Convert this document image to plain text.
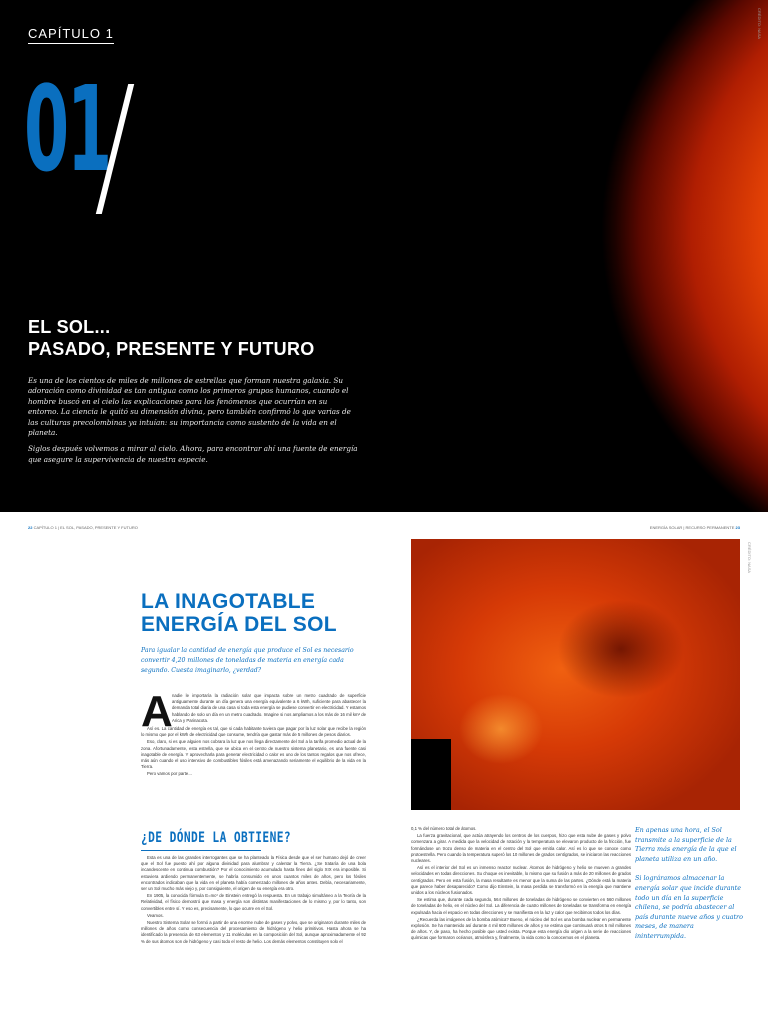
CAPÍTULO 1
01
EL SOL...
PASADO, PRESENTE Y FUTURO

Es una de los cientos de miles de millones de estrellas que forman nuestra galaxia. Su adoración como divinidad es tan antigua como los primeros grupos humanos, cuando el hombre buscó en el cielo las explicaciones para los fenómenos que ocurrían en su entorno. La ciencia le quitó su dimensión divina, pero también confirmó lo que varias de las culturas precolombinas ya intuían: su importancia como sustento de la vida en el planeta.

Siglos después volvemos a mirar al cielo. Ahora, para encontrar ahí una fuente de energía que asegure la supervivencia de nuestra especie.

CRÉDITO: NASA
22 CAPÍTULO 1 | EL SOL, PASADO, PRESENTE Y FUTURO	ENERGÍA SOLAR | RECURSO PERMANENTE 23
LA INAGOTABLE
ENERGÍA DEL SOL

Para igualar la cantidad de energía que produce el Sol es necesario convertir 4,20 millones de toneladas de materia en energía cada segundo. Cuesta imaginarlo, ¿verdad?

A nadie le importaría la radiación solar que impacta sobre un metro cuadrado de superficie antiguamente durante un día genera una energía equivalente a 6 kWh, suficiente para abastecer la demanda total diaria de una casa si toda esta energía se pudiese convertir en electricidad. Y estamos hablando de solo un día en un metro cuadrado. Imagine si nos ampliamos a los más de 16 mil km² de Arica y Parinacota.

Así es. La cantidad de energía es tal, que si cada habitante tuviera que pagar por la luz solar que recibe la región lo mismo que por el kWh de electricidad que consume, tendría que gastar más de 5 millones de pesos diarios.

Eso, claro, si es que alguien nos cobrara la luz que nos llega directamente del Sol a la tarifa promedio actual de la zona. Afortunadamente, esta estrella, que se ubica en el centro de nuestro sistema planetario, es una fuente casi inagotable de energía. Y aprovecharla para generar electricidad o calor es uno de los tantos regalos que nos ofrece, más aún cuando el uso intensivo de combustibles fósiles está amenazando seriamente el equilibrio de la vida en la Tierra.

Pero vamos por parte...

¿DE DÓNDE LA OBTIENE?

Esta es una de las grandes interrogantes que se ha planteado la Física desde que el ser humano dejó de creer que el Sol fue puesto ahí por alguna divinidad para alumbrar y calentar la Tierra. ¿Se trataría de una bola incandescente en continua combustión? Por el conocimiento acumulado hasta fines del siglo XIX era imposible. Si estuviera ardiendo permanentemente, se habría consumido en unos cuantos miles de años, pero los fósiles encontrados indicaban que la vida en el planeta había comenzado millones de años antes. Debía, necesariamente, ser un Sol mucho más viejo y, por consiguiente, el origen de su energía era otro.

En 1905, la conocida fórmula E=mc² de Einstein entregó la respuesta. En un trabajo simultáneo a la Teoría de la Relatividad, el físico demostró que masa y energía son distintas manifestaciones de lo mismo y, por lo tanto, son convertibles entre sí. Y eso es, precisamente, lo que ocurre en el Sol.

Veamos.

Nuestro Sistema Solar se formó a partir de una enorme nube de gases y polvo, que se originaron durante miles de millones de años como consecuencia del procesamiento de hidrógeno y helio primitivos. Hasta ahora se ha identificado la presencia de 63 elementos y 11 moléculas en la composición del Sol, aunque aproximadamente el 92 % de sus átomos son de hidrógeno y casi todo el resto de helio. Los demás elementos constituyen solo el

CRÉDITO: NASA

0,1 % del número total de átomos.

La fuerza gravitacional, que actúa atrayendo los centros de los cuerpos, hizo que esta nube de gases y polvo comenzara a girar. A medida que la velocidad de rotación y la temperatura se elevaron producto de la fricción, fue formándose un trozo denso de materia en el centro del Sol que emitía calor. Así es lo que se conoce como protoestrella. Pero cuando la temperatura superó los 10 millones de grados centígrados, se iniciaron las reacciones nucleares.

Así es el interior del Sol es un inmenso reactor nuclear. Átomos de hidrógeno y helio se mueven a grandes velocidades en todas direcciones. Su choque es inevitable, lo mismo que su fusión a más de 20 millones de grados centígrados. Pero en esta fusión, la masa resultante es menor que la suma de las partes. ¿Dónde está la materia que parece haber desaparecido? Como dijo Einstein, la masa perdida se transformó en la energía que mantiene unidos a los núcleos fusionados.

Se estima que, durante cada segundo, 564 millones de toneladas de hidrógeno se convierten en 560 millones de toneladas de helio, en el núcleo del Sol. La diferencia de cuatro millones de toneladas se transforma en energía expulsada hacia el espacio en todas direcciones y se manifiesta en la luz y calor que recibimos todos los días.

¿Recuerda las imágenes de la bomba atómica? Bueno, el núcleo del Sol es una bomba nuclear en permanente explosión. Se ha mantenido así durante 4 mil 600 millones de años y se estima que continuará otros 5 mil millones de años. Y, de paso, ha hecho posible que usted exista. Porque esta energía dio origen a la serie de reacciones químicas que formaron océanos, atmósfera y, finalmente, la vida como la conocemos en el planeta.

En apenas una hora, el Sol transmite a la superficie de la Tierra más energía de la que el planeta utiliza en un año.

Si lográramos almacenar la energía solar que incide durante todo un día en la superficie chilena, se podría abastecer al país durante nueve años y cuatro meses, de manera ininterrumpida.
